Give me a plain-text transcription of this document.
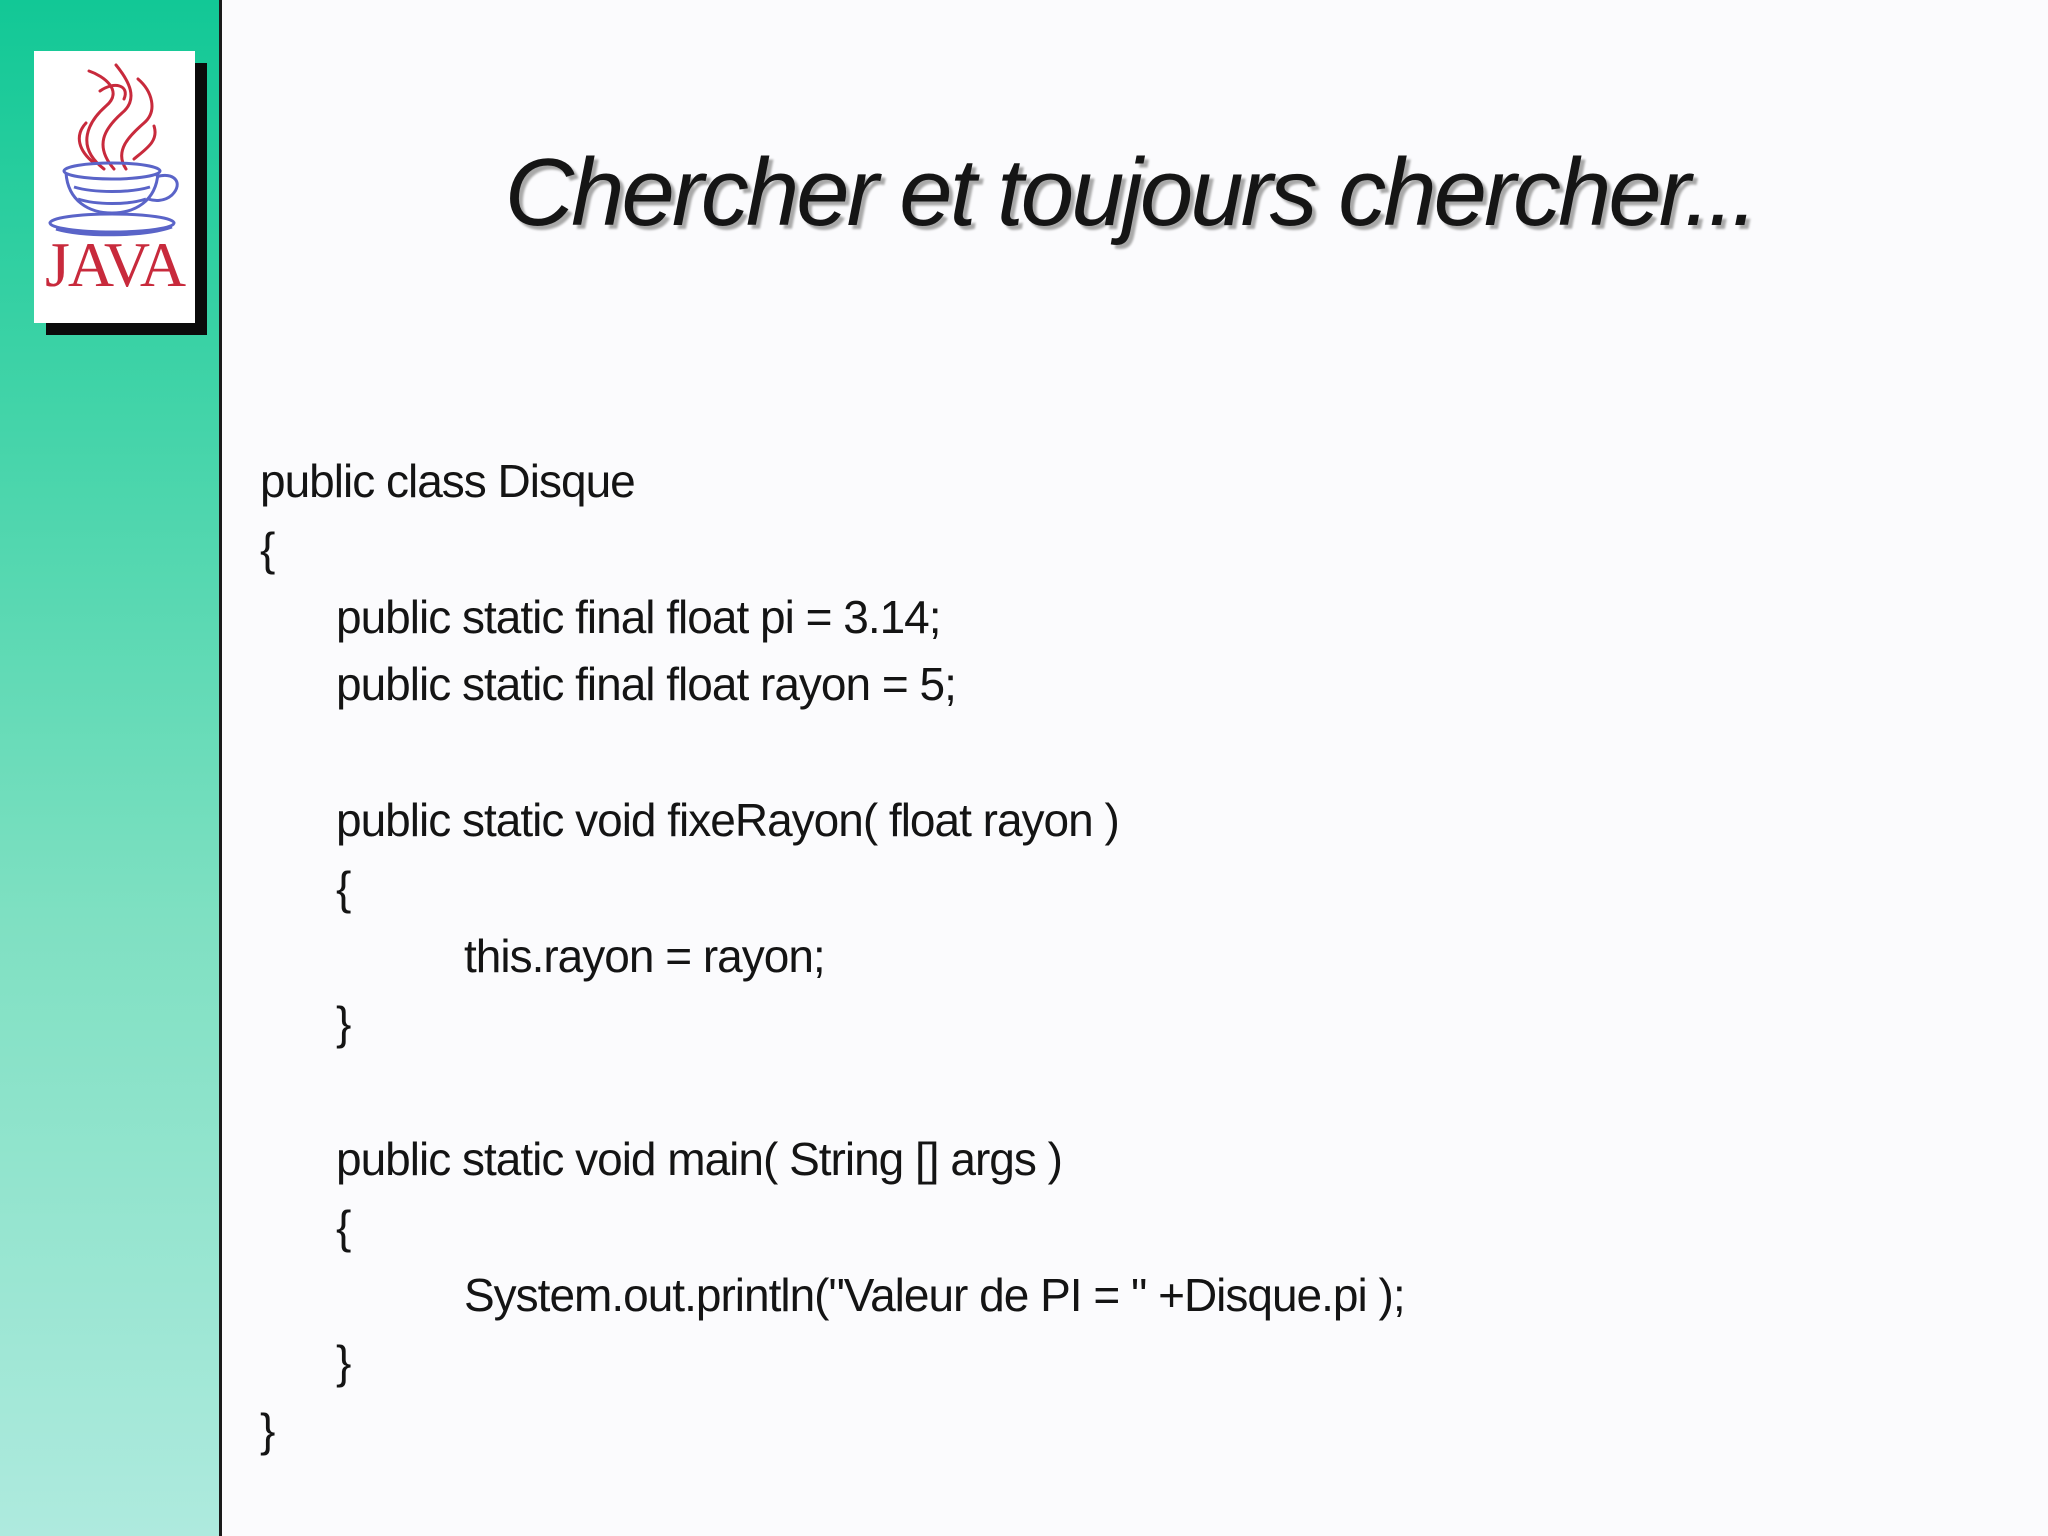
JAVA
Chercher et toujours chercher...
public class Disque
{
public static final float pi = 3.14;
public static final float rayon = 5;
public static void fixeRayon( float rayon )
{
this.rayon = rayon;
}
public static void main( String [] args )
{
System.out.println("Valeur de PI = " +Disque.pi );
}
}
